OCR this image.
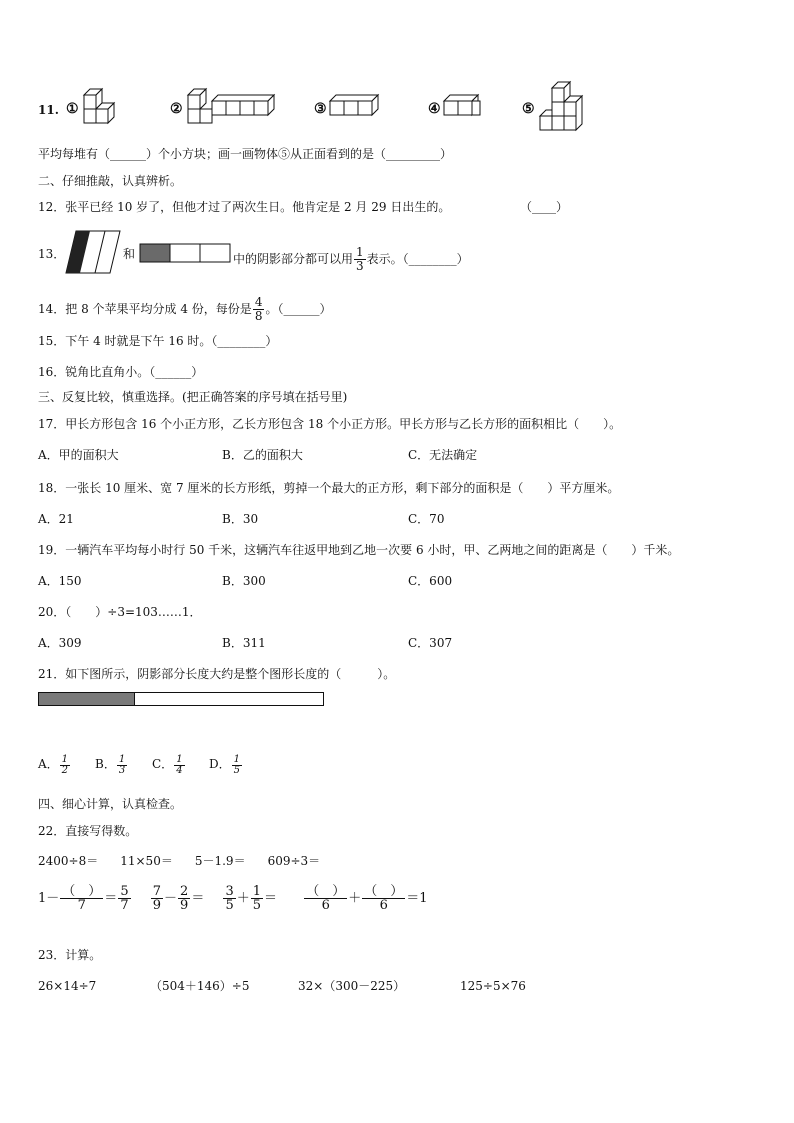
11. ①	②	③	④	⑤
平均每堆有（______）个小方块；画一画物体⑤从正面看到的是（_________）
二、仔细推敲，认真辨析。
12．张平已经 10 岁了，但他才过了两次生日。他肯定是 2 月 29 日出生的。	（____）
13．	和	中的阴影部分都可以用 $\frac{1}{3}$ 表示。（________）
14．把 8 个苹果平均分成 4 份，每份是 $\frac{4}{8}$ 。（______）
15．下午 4 时就是下午 16 时。（________）
16．锐角比直角小。（______）
三、反复比较，慎重选择。(把正确答案的序号填在括号里)
17．甲长方形包含 16 个小正方形，乙长方形包含 18 个小正方形。甲长方形与乙长方形的面积相比（　　）。
A．甲的面积大	B．乙的面积大	C．无法确定
18．一张长 10 厘米、宽 7 厘米的长方形纸，剪掉一个最大的正方形，剩下部分的面积是（　　）平方厘米。
A．21	B．30	C．70
19．一辆汽车平均每小时行 50 千米，这辆汽车往返甲地到乙地一次要 6 小时，甲、乙两地之间的距离是（　　）千米。
A．150	B．300	C．600
20．（　　）÷3=103……1．
A．309	B．311	C．307
21．如下图所示，阴影部分长度大约是整个图形长度的（　　　）。
A． $\frac{1}{2}$ B． $\frac{1}{3}$ C． $\frac{1}{4}$ D． $\frac{1}{5}$
四、细心计算，认真检查。
22．直接写得数。
2400÷8＝ 11×50＝ 5－1.9＝ 609÷3＝
$1- \frac{( )}{7} = \frac{5}{7}$
$\frac{7}{9} - \frac{2}{9} = \frac{3}{5} + \frac{1}{5} = \frac{( )}{6} + \frac{( )}{6} =1$
23．计算。
26×14÷7	（504＋146）÷5	32×（300－225）	125÷5×76
